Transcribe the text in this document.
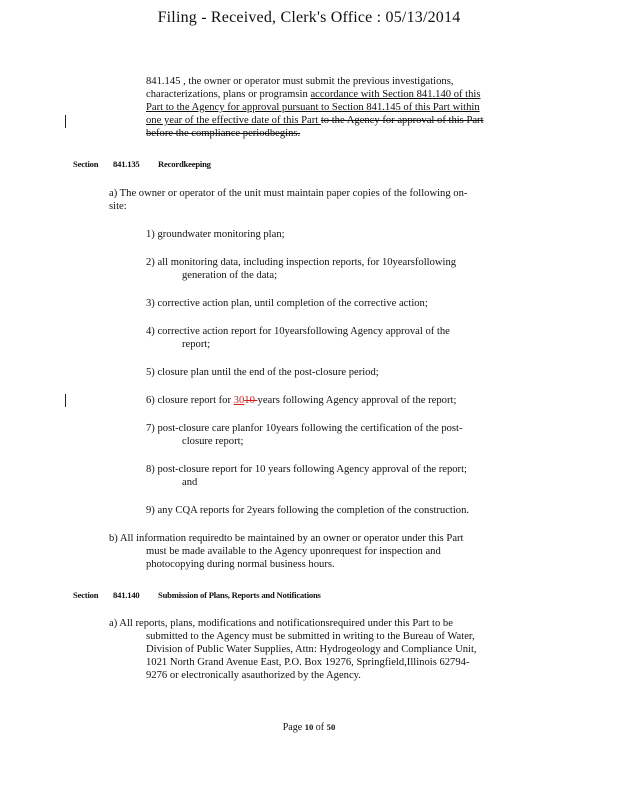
Filing - Received, Clerk's Office : 05/13/2014
841.145 , the owner or operator must submit the previous investigations,
characterizations, plans or programsin accordance with Section 841.140 of this
Part to the Agency for approval pursuant to Section 841.145 of this Part within
one year of the effective date of this Part to the Agency for approval of this Part
before the compliance periodbegins.
Section 841.135 Recordkeeping
a) The owner or operator of the unit must maintain paper copies of the following on-
site:
1) groundwater monitoring plan;
2) all monitoring data, including inspection reports, for 10yearsfollowing
generation of the data;
3) corrective action plan, until completion of the corrective action;
4) corrective action report for 10yearsfollowing Agency approval of the
report;
5) closure plan until the end of the post-closure period;
6) closure report for 3010 years following Agency approval of the report;
7) post-closure care planfor 10years following the certification of the post-
closure report;
8) post-closure report for 10 years following Agency approval of the report;
and
9) any CQA reports for 2years following the completion of the construction.
b) All information requiredto be maintained by an owner or operator under this Part
must be made available to the Agency uponrequest for inspection and
photocopying during normal business hours.
Section 841.140 Submission of Plans, Reports and Notifications
a) All reports, plans, modifications and notificationsrequired under this Part to be
submitted to the Agency must be submitted in writing to the Bureau of Water,
Division of Public Water Supplies, Attn: Hydrogeology and Compliance Unit,
1021 North Grand Avenue East, P.O. Box 19276, Springfield,Illinois 62794-
9276 or electronically asauthorized by the Agency.
Page 10 of 50
